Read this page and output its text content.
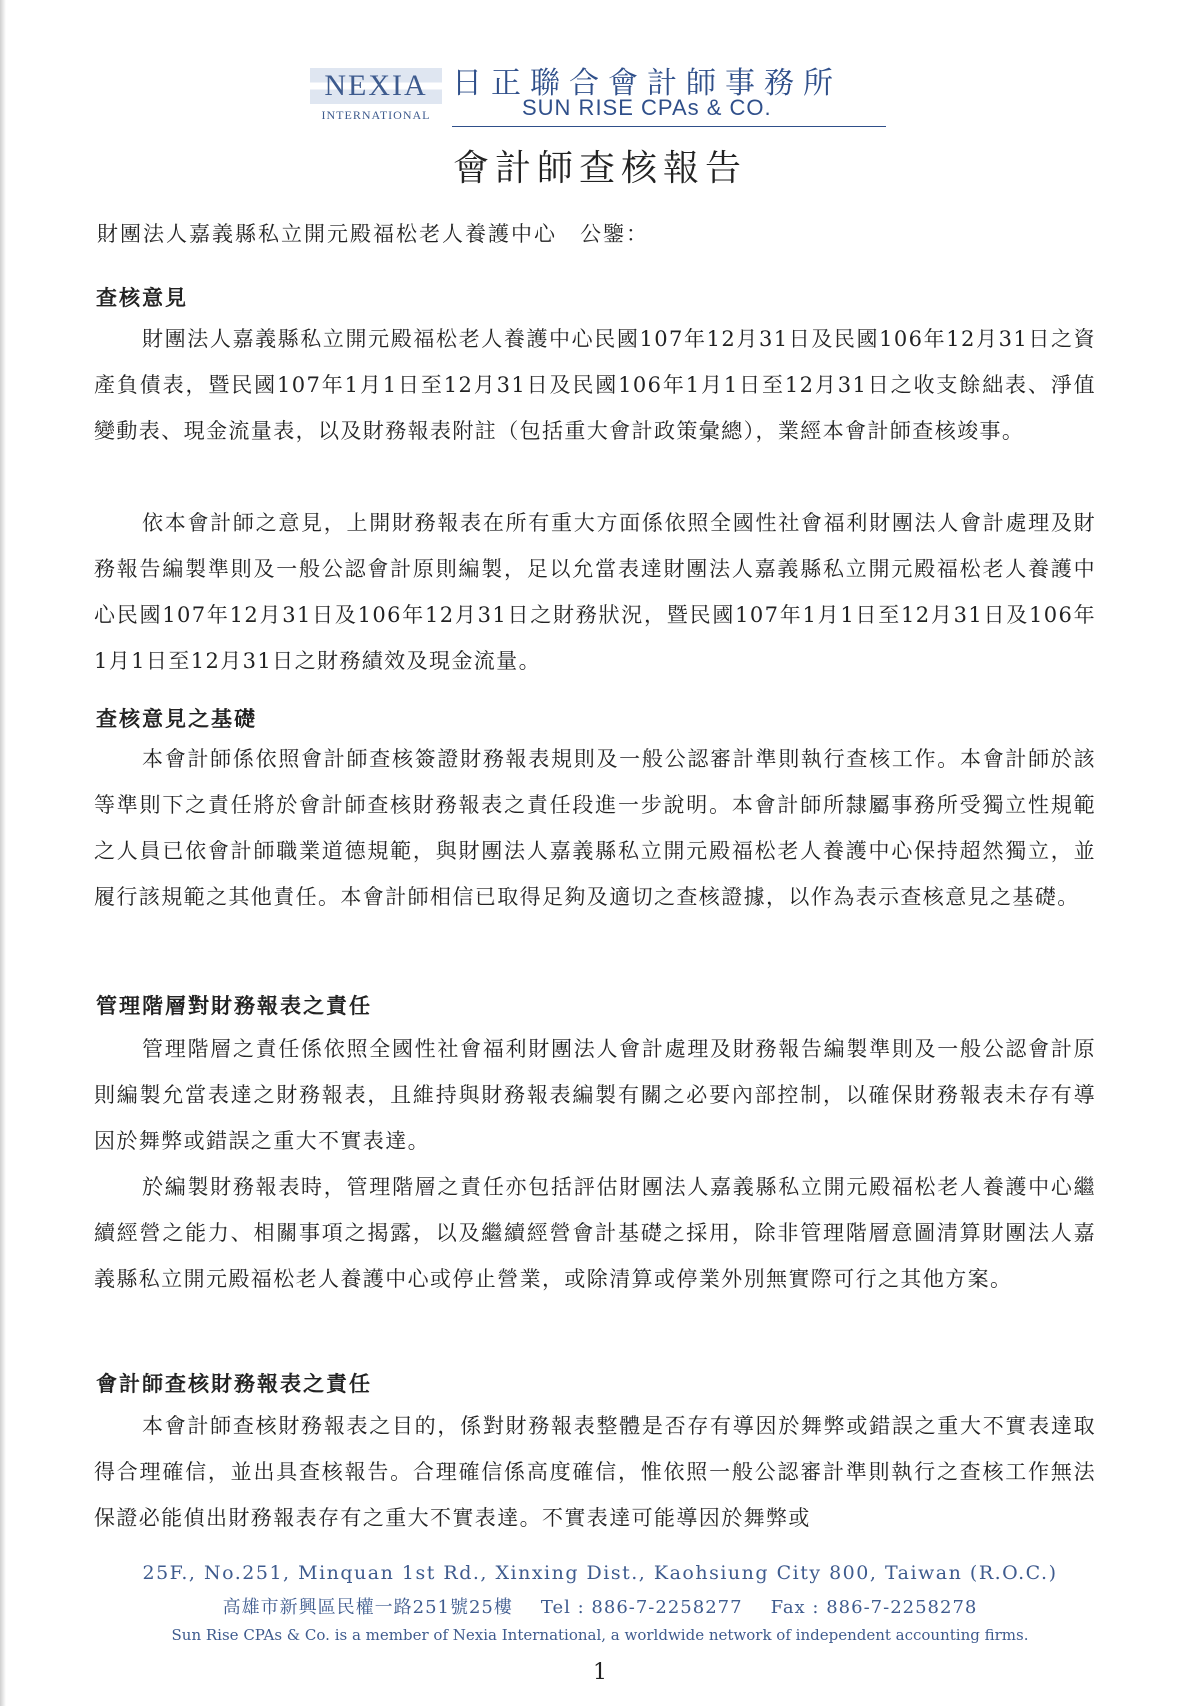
NEXIA
INTERNATIONAL
日正聯合會計師事務所
SUN RISE CPAs & CO.
會計師查核報告
財團法人嘉義縣私立開元殿福松老人養護中心　公鑒：
查核意見

財團法人嘉義縣私立開元殿福松老人養護中心民國107年12月31日及民國106年12月31日之資產負債表，暨民國107年1月1日至12月31日及民國106年1月1日至12月31日之收支餘絀表、淨值變動表、現金流量表，以及財務報表附註（包括重大會計政策彙總），業經本會計師查核竣事。

依本會計師之意見，上開財務報表在所有重大方面係依照全國性社會福利財團法人會計處理及財務報告編製準則及一般公認會計原則編製，足以允當表達財團法人嘉義縣私立開元殿福松老人養護中心民國107年12月31日及106年12月31日之財務狀況，暨民國107年1月1日至12月31日及106年1月1日至12月31日之財務績效及現金流量。

查核意見之基礎

本會計師係依照會計師查核簽證財務報表規則及一般公認審計準則執行查核工作。本會計師於該等準則下之責任將於會計師查核財務報表之責任段進一步說明。本會計師所隸屬事務所受獨立性規範之人員已依會計師職業道德規範，與財團法人嘉義縣私立開元殿福松老人養護中心保持超然獨立，並履行該規範之其他責任。本會計師相信已取得足夠及適切之查核證據，以作為表示查核意見之基礎。

管理階層對財務報表之責任

管理階層之責任係依照全國性社會福利財團法人會計處理及財務報告編製準則及一般公認會計原則編製允當表達之財務報表，且維持與財務報表編製有關之必要內部控制，以確保財務報表未存有導因於舞弊或錯誤之重大不實表達。

於編製財務報表時，管理階層之責任亦包括評估財團法人嘉義縣私立開元殿福松老人養護中心繼續經營之能力、相關事項之揭露，以及繼續經營會計基礎之採用，除非管理階層意圖清算財團法人嘉義縣私立開元殿福松老人養護中心或停止營業，或除清算或停業外別無實際可行之其他方案。

會計師查核財務報表之責任

本會計師查核財務報表之目的，係對財務報表整體是否存有導因於舞弊或錯誤之重大不實表達取得合理確信，並出具查核報告。合理確信係高度確信，惟依照一般公認審計準則執行之查核工作無法保證必能偵出財務報表存有之重大不實表達。不實表達可能導因於舞弊或

25F., No.251, Minquan 1st Rd., Xinxing Dist., Kaohsiung City 800, Taiwan (R.O.C.)
高雄市新興區民權一路251號25樓 Tel : 886-7-2258277 Fax : 886-7-2258278
Sun Rise CPAs & Co. is a member of Nexia International, a worldwide network of independent accounting firms.
1
